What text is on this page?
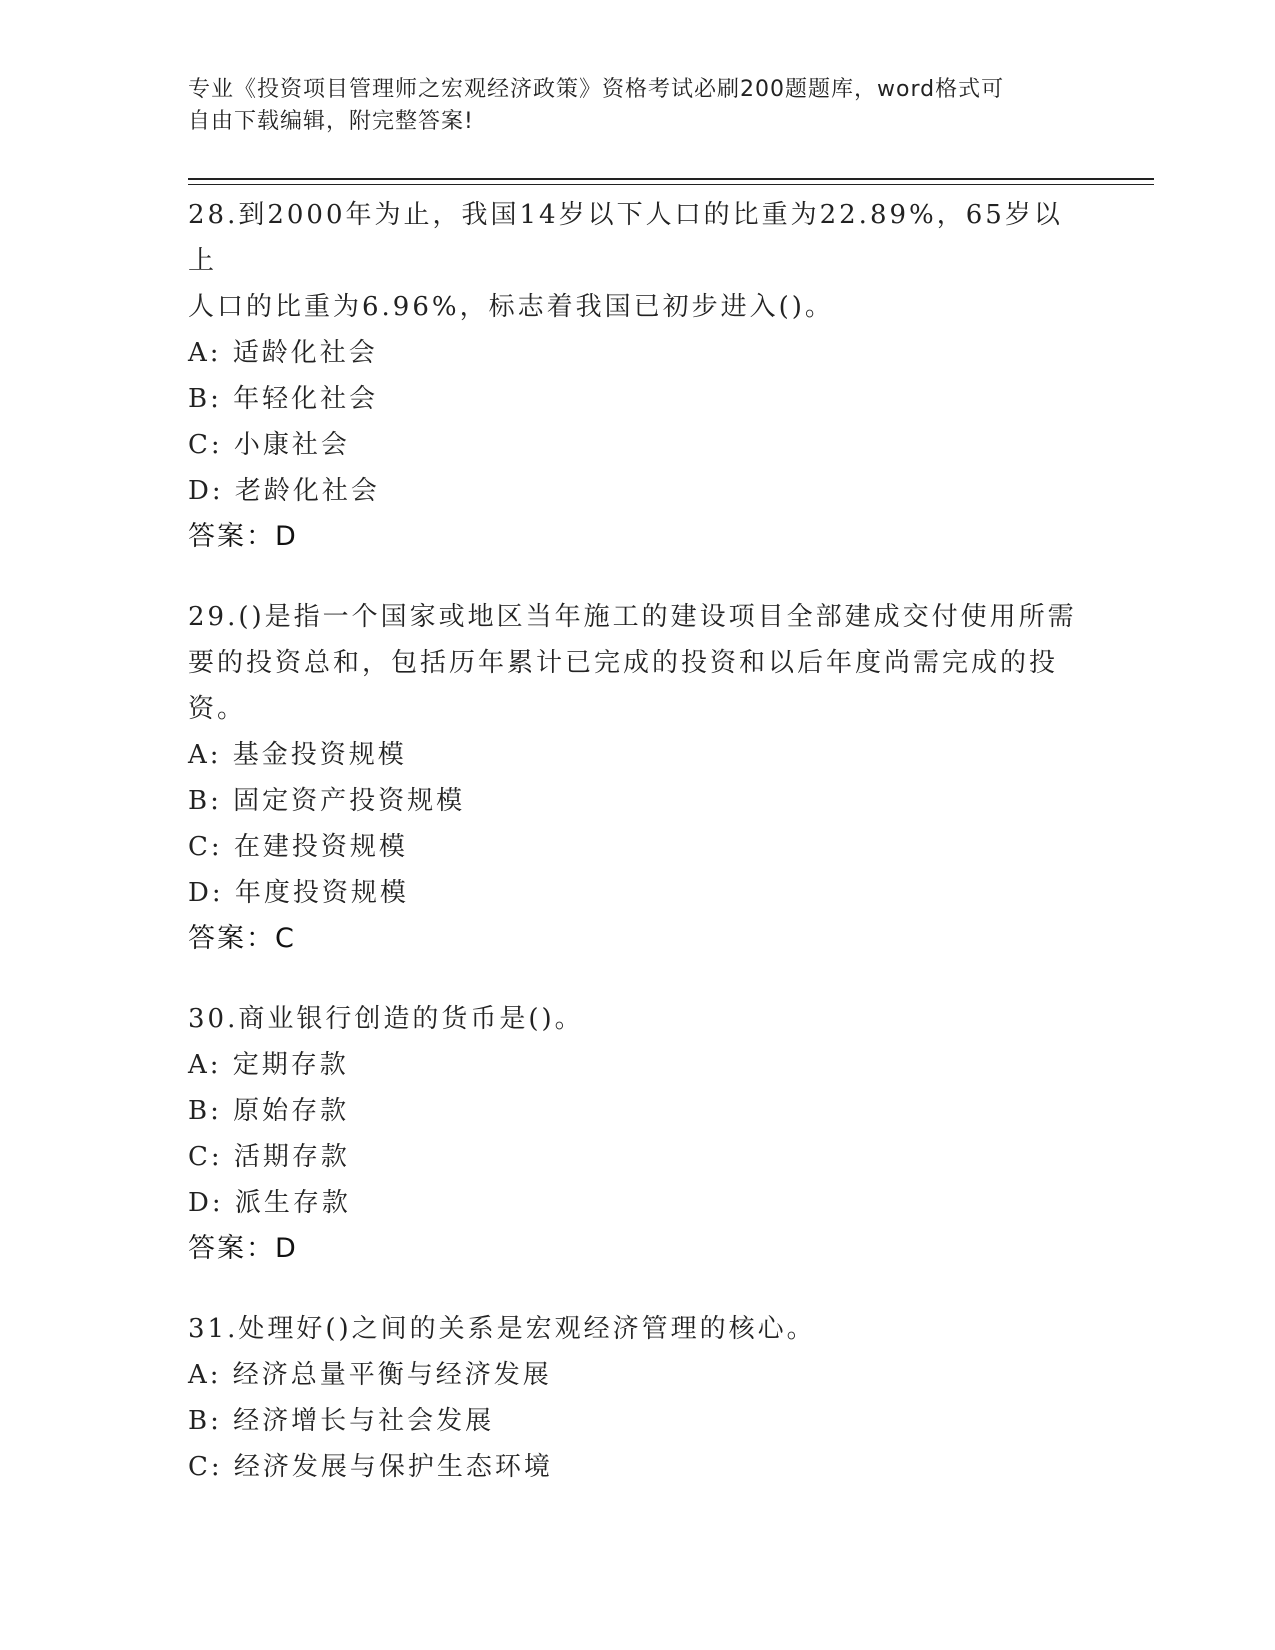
专业《投资项目管理师之宏观经济政策》资格考试必刷200题题库，word格式可
自由下载编辑，附完整答案!

28.到2000年为止，我国14岁以下人口的比重为22.89%，65岁以上

人口的比重为6.96%，标志着我国已初步进入()。

A: 适龄化社会

B: 年轻化社会

C: 小康社会

D: 老龄化社会

答案：D

29.()是指一个国家或地区当年施工的建设项目全部建成交付使用所需

要的投资总和，包括历年累计已完成的投资和以后年度尚需完成的投

资。

A: 基金投资规模

B: 固定资产投资规模

C: 在建投资规模

D: 年度投资规模

答案：C

30.商业银行创造的货币是()。

A: 定期存款

B: 原始存款

C: 活期存款

D: 派生存款

答案：D

31.处理好()之间的关系是宏观经济管理的核心。

A: 经济总量平衡与经济发展

B: 经济增长与社会发展

C: 经济发展与保护生态环境
